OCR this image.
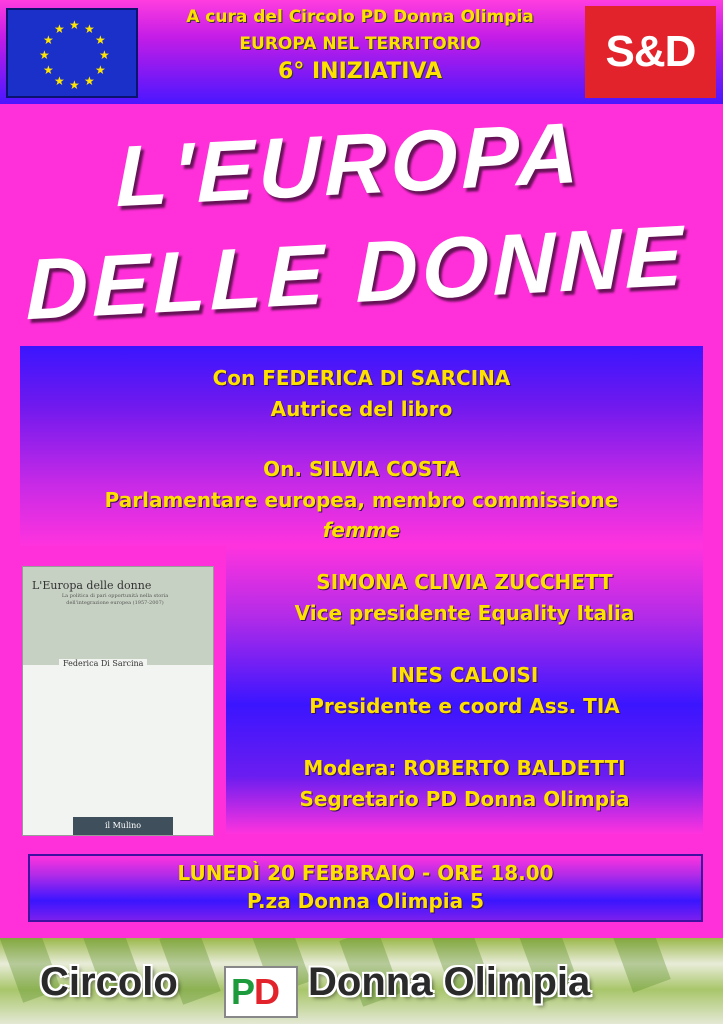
★ ★
★
★
★
★
★
★
★
★
★
★
A cura del Circolo PD Donna Olimpia
EUROPA NEL TERRITORIO
6° INIZIATIVA	S&D
L'EUROPA
DELLE DONNE
Con FEDERICA DI SARCINA
Autrice del libro
On. SILVIA COSTA
Parlamentare europea, membro commissione
femme
SIMONA CLIVIA ZUCCHETT
Vice presidente Equality Italia
INES CALOISI
Presidente e coord Ass. TIA
Modera: ROBERTO BALDETTI
Segretario PD Donna Olimpia
L'Europa delle donne
La politica di pari opportunità nella storia dell'integrazione europea (1957-2007)
Federica Di Sarcina
il Mulino
LUNEDÌ 20 FEBBRAIO - ORE 18.00
P.za Donna Olimpia 5
Circolo P
D Donna Olimpia
